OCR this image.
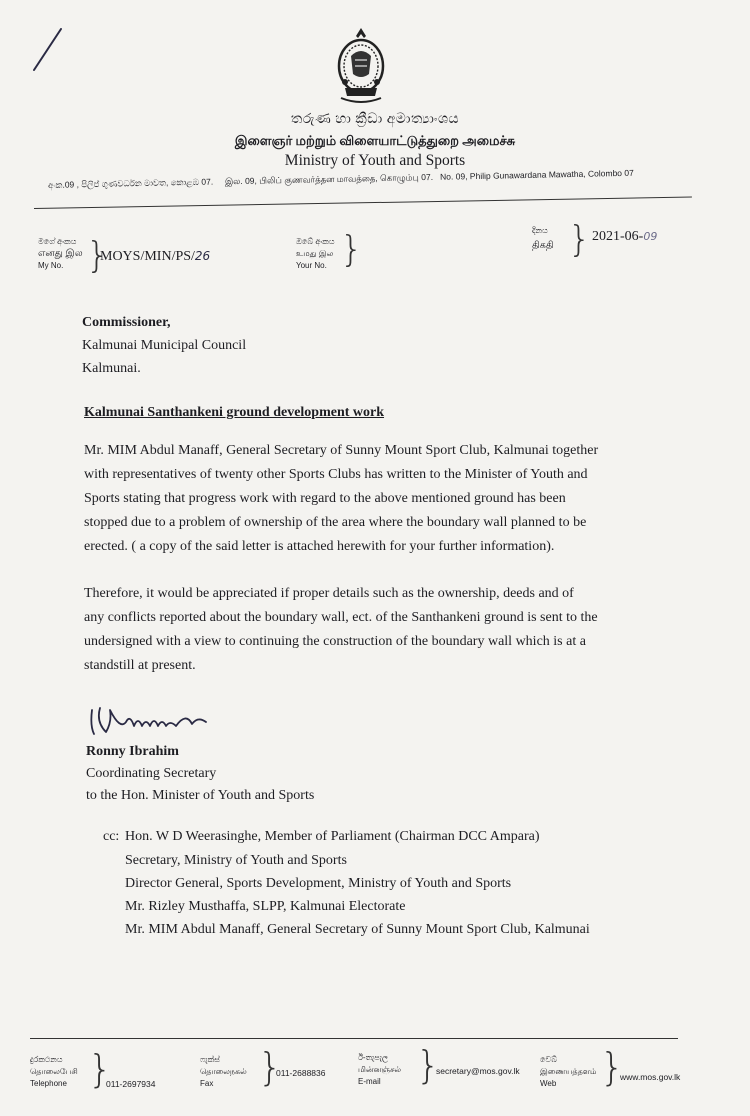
තරුණ හා ක්‍රීඩා අමාත්‍යාංශය
இளைஞர் மற்றும் விளையாட்டுத்துறை அமைச்சு
Ministry of Youth and Sports
අංක.09 , පිලිප් ගුණවර්ධන මාවත, කොළඹ 07. இல. 09, பிலிப் குணவர்த்தன மாவத்தை, கொழும்பு 07. No. 09, Philip Gunawardana Mawatha, Colombo 07
මගේ අංකය
எனது இல
My No. }
MOYS/MIN/PS/26
ඔබේ අංකය
உமது இல
Your No. }	දිනය
திகதி } 2021-06-09
Commissioner,
Kalmunai Municipal Council
Kalmunai.
Kalmunai Santhankeni ground development work
Mr. MIM Abdul Manaff, General Secretary of Sunny Mount Sport Club, Kalmunai together
with representatives of twenty other Sports Clubs has written to the Minister of Youth and
Sports stating that progress work with regard to the above mentioned ground has been
stopped due to a problem of ownership of the area where the boundary wall planned to be
erected. ( a copy of the said letter is attached herewith for your further information).
Therefore, it would be appreciated if proper details such as the ownership, deeds and of
any conflicts reported about the boundary wall, ect. of the Santhankeni ground is sent to the
undersigned with a view to continuing the construction of the boundary wall which is at a
standstill at present.
Ronny Ibrahim
Coordinating Secretary
to the Hon. Minister of Youth and Sports
cc: Hon. W D Weerasinghe, Member of Parliament (Chairman DCC Ampara)
Secretary, Ministry of Youth and Sports
Director General, Sports Development, Ministry of Youth and Sports
Mr. Rizley Musthaffa, SLPP, Kalmunai Electorate
Mr. MIM Abdul Manaff, General Secretary of Sunny Mount Sport Club, Kalmunai
දුරකථනය
தொலைபேசி
Telephone }
011-2697934
ෆැක්ස්
தொலைநகல்
Fax	}
011-2688836
ඊ-තැපැල
மின்னஞ்சல்
E-mail }
secretary@mos.gov.lk
වෙබ්
இணையத்தளம்
Web	}
www.mos.gov.lk
